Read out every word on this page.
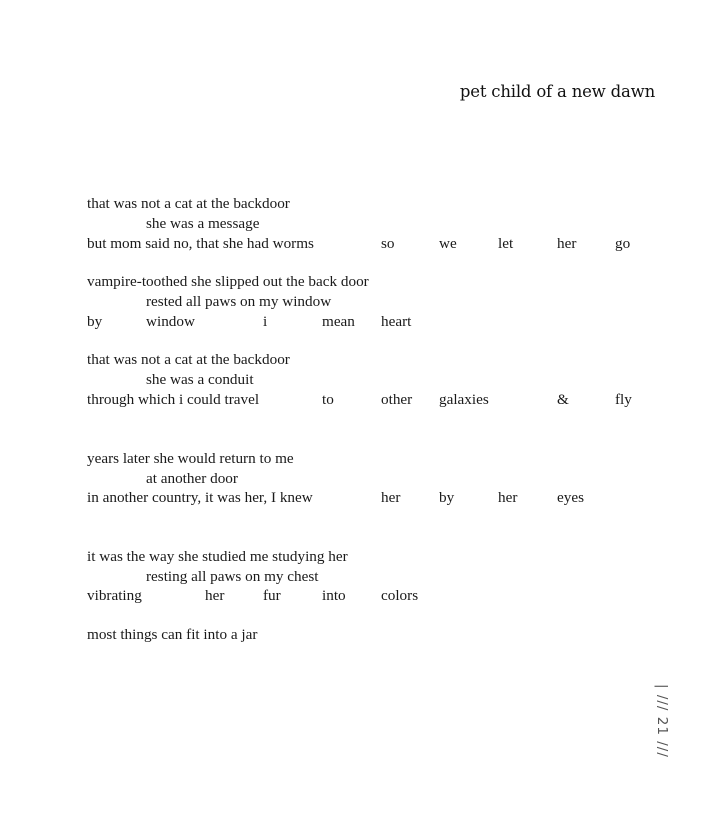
pet child of a new dawn
that was not a cat at the backdoor
she was a message
but mom said no, that she had worms	so	we	let	her	go
vampire-toothed she slipped out the back door
rested all paws on my window
by	window	i	mean heart
that was not a cat at the backdoor
she was a conduit
through which i could travel	to	other galaxies	&	fly
years later she would return to me
at another door
in another country, it was her, I knew	her	by	her	eyes
it was the way she studied me studying her
resting all paws on my chest
vibrating	her	fur	into colors
most things can fit into a jar
| /// 21 ///
